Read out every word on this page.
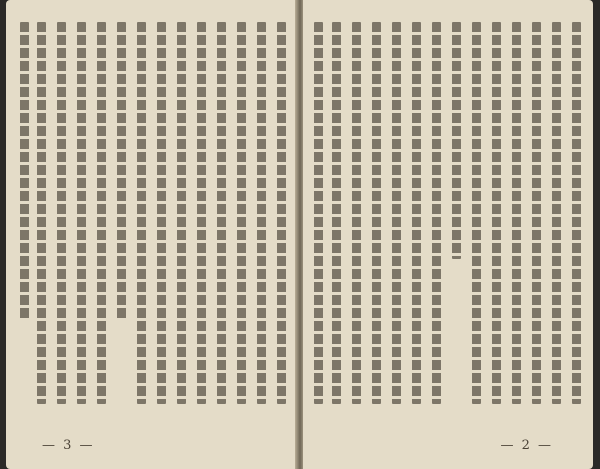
— 3 —	— 2 —
